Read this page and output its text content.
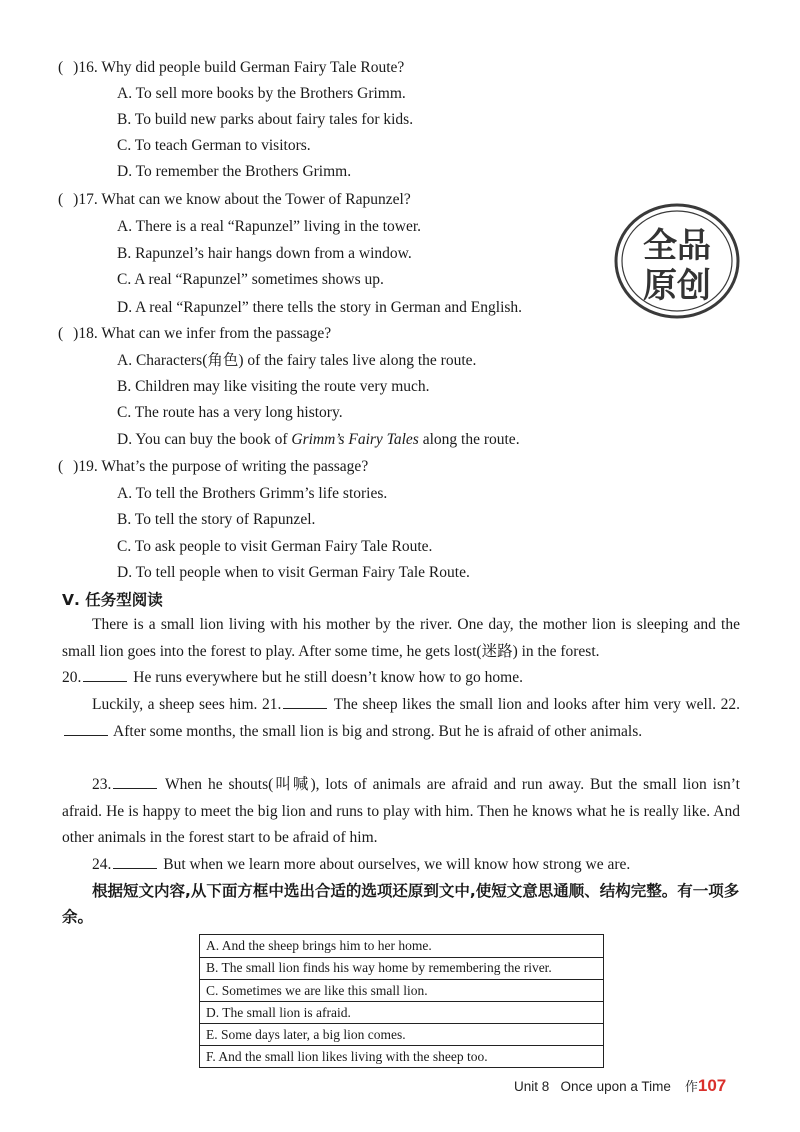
( )16. Why did people build German Fairy Tale Route?
A. To sell more books by the Brothers Grimm.
B. To build new parks about fairy tales for kids.
C. To teach German to visitors.
D. To remember the Brothers Grimm.
( )17. What can we know about the Tower of Rapunzel?
A. There is a real “Rapunzel” living in the tower.
B. Rapunzel’s hair hangs down from a window.
C. A real “Rapunzel” sometimes shows up.
D. A real “Rapunzel” there tells the story in German and English.
全品
原创
( )18. What can we infer from the passage?
A. Characters(角色) of the fairy tales live along the route.
B. Children may like visiting the route very much.
C. The route has a very long history.
D. You can buy the book of Grimm’s Fairy Tales along the route.
( )19. What’s the purpose of writing the passage?
A. To tell the Brothers Grimm’s life stories.
B. To tell the story of Rapunzel.
C. To ask people to visit German Fairy Tale Route.
D. To tell people when to visit German Fairy Tale Route.
Ⅴ. 任务型阅读
There is a small lion living with his mother by the river. One day, the mother lion is sleeping and the small lion goes into the forest to play. After some time, he gets lost(迷路) in the forest.
20.	He runs everywhere but he still doesn’t know how to go home.
Luckily, a sheep sees him. 21.	The sheep likes the small lion and looks after him very well. 22. After some months, the small lion is big and strong. But he is afraid of other animals.
23.	When he shouts(叫喊), lots of animals are afraid and run away. But the small lion isn’t afraid. He is happy to meet the big lion and runs to play with him. Then he knows what he is really like. And other animals in the forest start to be afraid of him.
24.	But when we learn more about ourselves, we will know how strong we are.
根据短文内容,从下面方框中选出合适的选项还原到文中,使短文意思通顺、结构完整。有一项多余。
A. And the sheep brings him to her home.
B. The small lion finds his way home by remembering the river.
C. Sometimes we are like this small lion.
D. The small lion is afraid.
E. Some days later, a big lion comes.
F. And the small lion likes living with the sheep too.
Unit 8 Once upon a Time 作107
